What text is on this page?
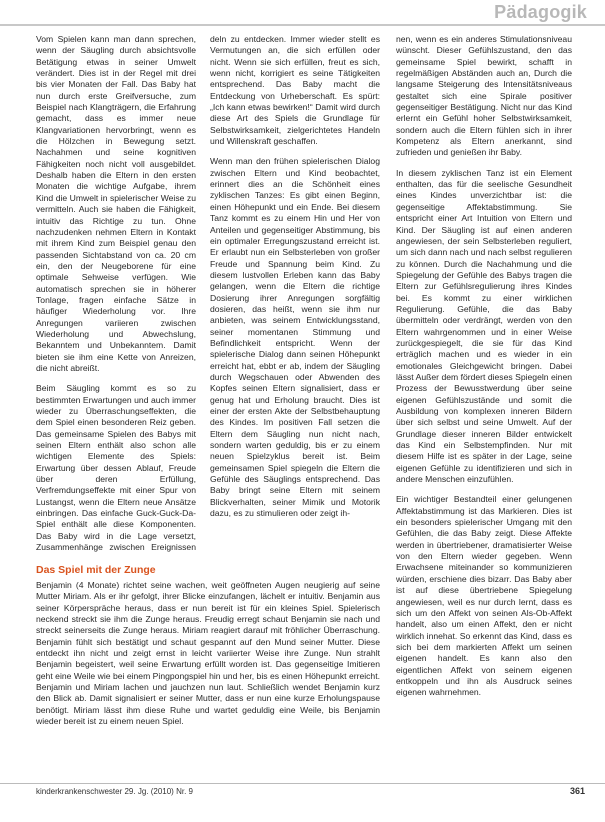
Pädagogik

Vom Spielen kann man dann sprechen, wenn der Säugling durch absichtsvolle Betätigung etwas in seiner Umwelt verändert. Dies ist in der Regel mit drei bis vier Monaten der Fall. Das Baby hat nun durch erste Greifversuche, zum Beispiel nach Klangträgern, die Erfahrung gemacht, dass es immer neue Klangvariationen hervorbringt, wenn es die Hölzchen in Bewegung setzt. Nachahmen und seine kognitiven Fähigkeiten noch nicht voll ausgebildet. Deshalb haben die Eltern in den ersten Monaten die wichtige Aufgabe, ihrem Kind die Umwelt in spielerischer Weise zu vermitteln. Auch sie haben die Fähigkeit, intuitiv das Richtige zu tun. Ohne nachzudenken nehmen Eltern in Kontakt mit ihrem Kind zum Beispiel genau den passenden Sichtabstand von ca. 20 cm ein, den der Neugeborene für eine optimale Sehweise verfügen. Wie automatisch sprechen sie in höherer Tonlage, fragen einfache Sätze in häufiger Wiederholung vor. Ihre Anregungen variieren zwischen Wiederholung und Abwechslung, Bekanntem und Unbekanntem. Damit bieten sie ihm eine Kette von Anreizen, die nicht abreißt.

Beim Säugling kommt es so zu bestimmten Erwartungen und auch immer wieder zu Überraschungseffekten, die dem Spiel einen besonderen Reiz geben. Das gemeinsame Spielen des Babys mit seinen Eltern enthält also schon alle wichtigen Elemente des Spiels: Erwartung über dessen Ablauf, Freude über deren Erfüllung, Verfremdungseffekte mit einer Spur von Lustangst, wenn die Eltern neue Ansätze einbringen. Das einfache Guck-Guck-Da-Spiel enthält alle diese Komponenten. Das Baby wird in die Lage versetzt, Zusammenhänge zwischen Ereignissen

deln zu entdecken. Immer wieder stellt es Vermutungen an, die sich erfüllen oder nicht. Wenn sie sich erfüllen, freut es sich, wenn nicht, korrigiert es seine Tätigkeiten entsprechend. Das Baby macht die Entdeckung von Urheberschaft. Es spürt: „Ich kann etwas bewirken!“ Damit wird durch diese Art des Spiels die Grundlage für Selbstwirksamkeit, zielgerichtetes Handeln und Willenskraft geschaffen.

Wenn man den frühen spielerischen Dialog zwischen Eltern und Kind beobachtet, erinnert dies an die Schönheit eines zyklischen Tanzes: Es gibt einen Beginn, einen Höhepunkt und ein Ende. Bei diesem Tanz kommt es zu einem Hin und Her von Anteilen und gegenseitiger Abstimmung, bis ein optimaler Erregungszustand erreicht ist. Er erlaubt nun ein Selbsterleben von großer Freude und Spannung beim Kind. Zu diesem lustvollen Erleben kann das Baby gelangen, wenn die Eltern die richtige Dosierung ihrer Anregungen sorgfältig dosieren, das heißt, wenn sie ihm nur anbieten, was seinem Entwicklungsstand, seiner momentanen Stimmung und Befindlichkeit entspricht. Wenn der spielerische Dialog dann seinen Höhepunkt erreicht hat, ebbt er ab, indem der Säugling durch Wegschauen oder Abwenden des Kopfes seinen Eltern signalisiert, dass er genug hat und Erholung braucht. Dies ist einer der ersten Akte der Selbstbehauptung des Kindes. Im positiven Fall setzen die Eltern dem Säugling nun nicht nach, sondern warten geduldig, bis er zu einem neuen Spielzyklus bereit ist. Beim gemeinsamen Spiel spiegeln die Eltern die Gefühle des Säuglings entsprechend. Das Baby bringt seine Eltern mit seinem Blickverhalten, seiner Mimik und Motorik dazu, es zu stimulieren oder zeigt ih-

nen, wenn es ein anderes Stimulationsniveau wünscht. Dieser Gefühlszustand, den das gemeinsame Spiel bewirkt, schafft in regelmäßigen Abständen auch an, Durch die langsame Steigerung des Intensitätsniveaus gestaltet sich eine Spirale positiver gegenseitiger Bestätigung. Nicht nur das Kind erlernt ein Gefühl hoher Selbstwirksamkeit, sondern auch die Eltern fühlen sich in ihrer Kompetenz als Eltern anerkannt, sind zufrieden und genießen ihr Baby.

In diesem zyklischen Tanz ist ein Element enthalten, das für die seelische Gesundheit eines Kindes unverzichtbar ist: die gegenseitige Affektabstimmung. Sie entspricht einer Art Intuition von Eltern und Kind. Der Säugling ist auf einen anderen angewiesen, der sein Selbsterleben reguliert, um sich dann nach und nach selbst regulieren zu können. Durch die Nachahmung und die Spiegelung der Gefühle des Babys tragen die Eltern zur Gefühlsregulierung ihres Kindes bei. Es kommt zu einer wirklichen Regulierung. Gefühle, die das Baby übermitteln oder verdrängt, werden von den Eltern wahrgenommen und in einer Weise zurückgespiegelt, die sie für das Kind erträglich machen und es wieder in ein emotionales Gleichgewicht bringen. Dabei lässt Außer dem fördert dieses Spiegeln einen Prozess der Bewusstwerdung über seine eigenen Gefühlszustände und somit die Ausbildung von komplexen inneren Bildern über sich selbst und seine Umwelt. Auf der Grundlage dieser inneren Bilder entwickelt das Kind ein Selbstempfinden. Nur mit diesem Hilfe ist es später in der Lage, seine eigenen Gefühle zu identifizieren und sich in andere Menschen einzufühlen.

Ein wichtiger Bestandteil einer gelungenen Affektabstimmung ist das Markieren. Dies ist ein besonders spielerischer Umgang mit den Gefühlen, die das Baby zeigt. Diese Affekte werden in übertriebener, dramatisierter Weise von den Eltern wieder gegeben. Wenn Erwachsene miteinander so kommunizieren würden, erschiene dies bizarr. Das Baby aber ist auf diese übertriebene Spiegelung angewiesen, weil es nur durch lernt, dass es sich um den Affekt von seinen Als-Ob-Affekt handelt, also um einen Affekt, den er nicht wirklich innehat. So erkennt das Kind, dass es sich bei dem markierten Affekt um seinen eigenen handelt. Es kann also den eigentlichen Affekt von seinem eigenen entkoppeln und ihn als Ausdruck seines eigenen wahrnehmen.

Das Spiel mit der Zunge
Benjamin (4 Monate) richtet seine wachen, weit geöffneten Augen neugierig auf seine Mutter Miriam. Als er ihr gefolgt, ihrer Blicke einzufangen, lächelt er intuitiv. Benjamin aus seiner Körperspräche heraus, dass er nun bereit ist für ein kleines Spiel. Spielerisch neckend streckt sie ihm die Zunge heraus. Freudig erregt schaut Benjamin sie nach und streckt seinerseits die Zunge heraus. Miriam reagiert darauf mit fröhlicher Überraschung. Benjamin fühlt sich bestätigt und schaut gespannt auf den Mund seiner Mutter. Diese entdeckt ihn nicht und zeigt ernst in leicht variierter Weise ihre Zunge. Nun strahlt Benjamin begeistert, weil seine Erwartung erfüllt worden ist. Das gegenseitige Imitieren geht eine Weile wie bei einem Pingpongspiel hin und her, bis es einen Höhepunkt erreicht. Benjamin und Miriam lachen und jauchzen nun laut. Schließlich wendet Benjamin kurz den Blick ab. Damit signalisiert er seiner Mutter, dass er nun eine kurze Erholungspause benötigt. Miriam lässt ihm diese Ruhe und wartet geduldig eine Weile, bis Benjamin wieder bereit ist zu einem neuen Spiel.
kinderkrankenschwester 29. Jg. (2010) Nr. 9	361
